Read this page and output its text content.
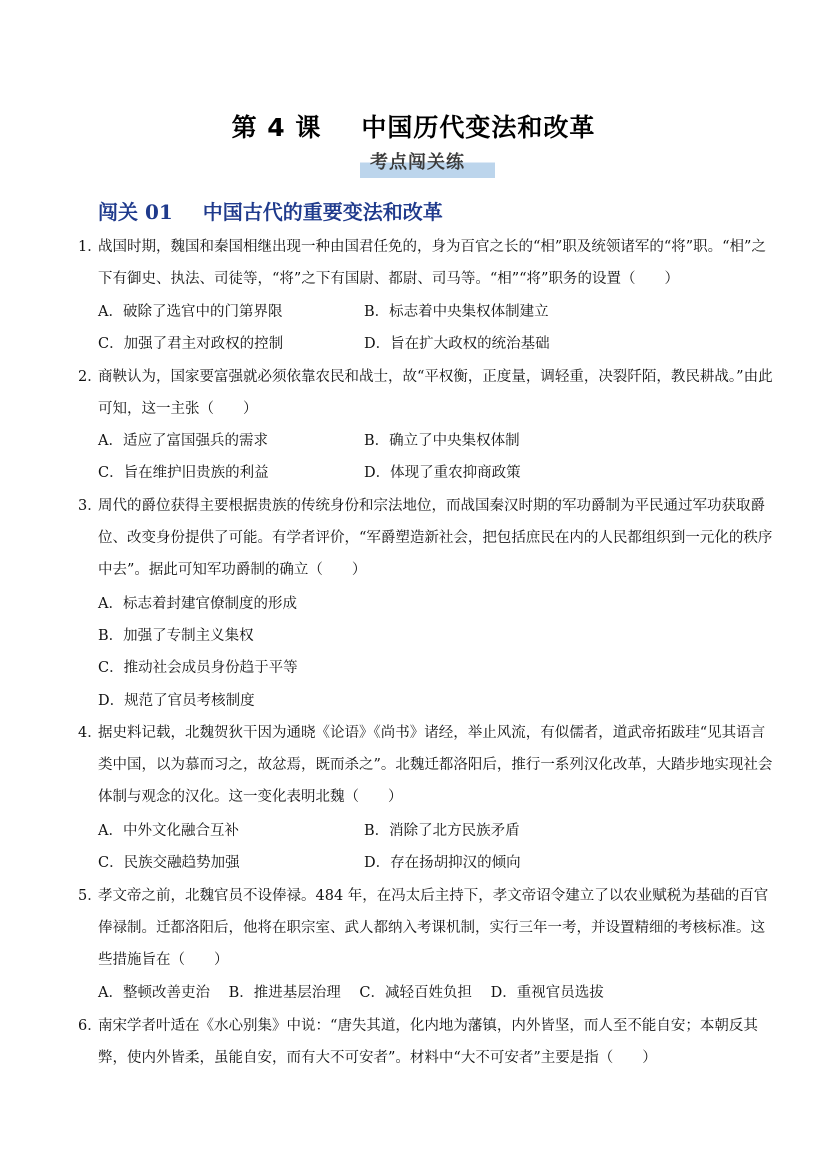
第 4 课 中国历代变法和改革
考点闯关练
闯关 01 中国古代的重要变法和改革
1．
战国时期，魏国和秦国相继出现一种由国君任免的，身为百官之长的“相”职及统领诸军的“将”职。“相”之下有御史、执法、司徒等，“将”之下有国尉、都尉、司马等。“相”“将”职务的设置（　　）
A．破除了选官中的门第界限	B．标志着中央集权体制建立
C．加强了君主对政权的控制	D．旨在扩大政权的统治基础
2．
商鞅认为，国家要富强就必须依靠农民和战士，故“平权衡，正度量，调轻重，决裂阡陌，教民耕战。”由此可知，这一主张（　　）
A．适应了富国强兵的需求	B．确立了中央集权体制
C．旨在维护旧贵族的利益	D．体现了重农抑商政策
3．
周代的爵位获得主要根据贵族的传统身份和宗法地位，而战国秦汉时期的军功爵制为平民通过军功获取爵位、改变身份提供了可能。有学者评价，“军爵塑造新社会，把包括庶民在内的人民都组织到一元化的秩序中去”。据此可知军功爵制的确立（　　）
A．标志着封建官僚制度的形成
B．加强了专制主义集权
C．推动社会成员身份趋于平等
D．规范了官员考核制度
4．
据史料记载，北魏贺狄干因为通晓《论语》《尚书》诸经，举止风流，有似儒者，道武帝拓跋珪“见其语言类中国，以为慕而习之，故忿焉，既而杀之”。北魏迁都洛阳后，推行一系列汉化改革，大踏步地实现社会体制与观念的汉化。这一变化表明北魏（　　）
A．中外文化融合互补	B．消除了北方民族矛盾
C．民族交融趋势加强	D．存在扬胡抑汉的倾向
5．
孝文帝之前，北魏官员不设俸禄。484 年，在冯太后主持下，孝文帝诏令建立了以农业赋税为基础的百官俸禄制。迁都洛阳后，他将在职宗室、武人都纳入考课机制，实行三年一考，并设置精细的考核标准。这些措施旨在（　　）
A．整顿改善吏治 B．推进基层治理 C．减轻百姓负担 D．重视官员选拔
6．
南宋学者叶适在《水心别集》中说：“唐失其道，化内地为藩镇，内外皆坚，而人至不能自安；本朝反其弊，使内外皆柔，虽能自安，而有大不可安者”。材料中“大不可安者”主要是指（　　）
